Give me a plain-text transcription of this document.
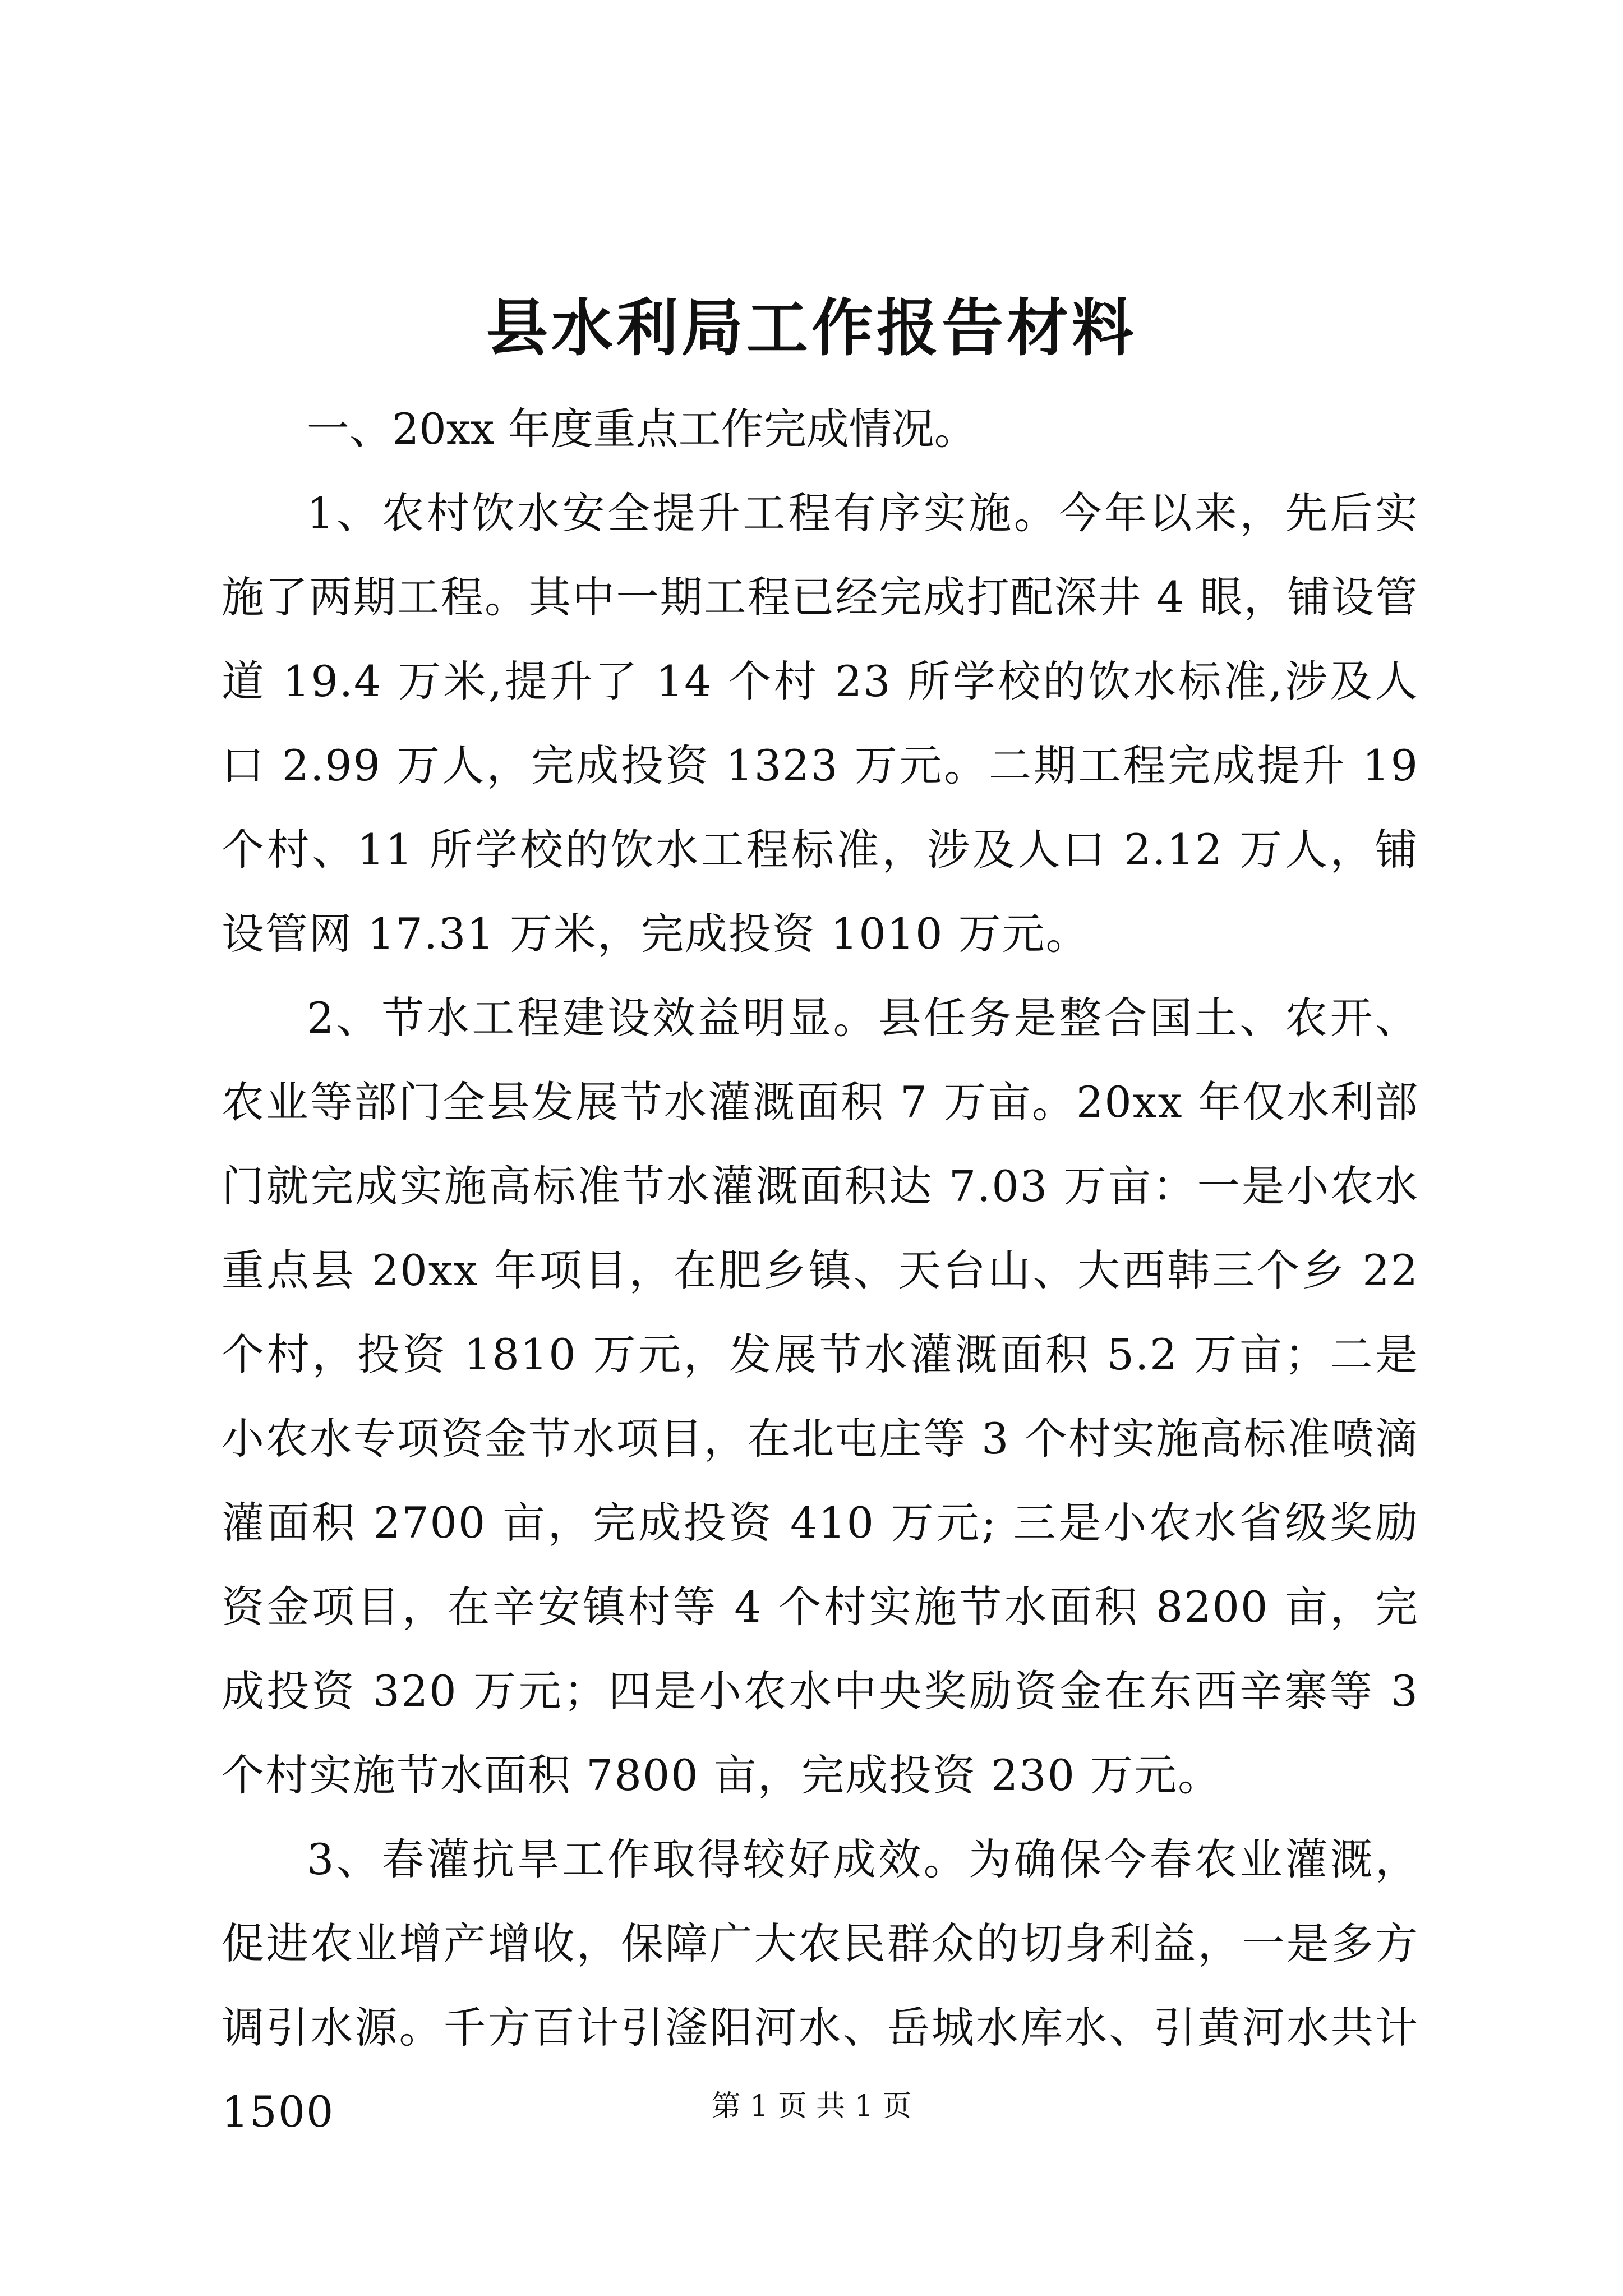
县水利局工作报告材料

一、20xx 年度重点工作完成情况。

1、农村饮水安全提升工程有序实施。今年以来，先后实施了两期工程。其中一期工程已经完成打配深井 4 眼，铺设管道 19.4 万米,提升了 14 个村 23 所学校的饮水标准,涉及人口 2.99 万人，完成投资 1323 万元。二期工程完成提升 19 个村、11 所学校的饮水工程标准，涉及人口 2.12 万人，铺设管网 17.31 万米，完成投资 1010 万元。

2、节水工程建设效益明显。县任务是整合国土、农开、农业等部门全县发展节水灌溉面积 7 万亩。20xx 年仅水利部门就完成实施高标准节水灌溉面积达 7.03 万亩：一是小农水重点县 20xx 年项目，在肥乡镇、天台山、大西韩三个乡 22 个村，投资 1810 万元，发展节水灌溉面积 5.2 万亩；二是小农水专项资金节水项目，在北屯庄等 3 个村实施高标准喷滴灌面积 2700 亩，完成投资 410 万元; 三是小农水省级奖励资金项目，在辛安镇村等 4 个村实施节水面积 8200 亩，完成投资 320 万元；四是小农水中央奖励资金在东西辛寨等 3 个村实施节水面积 7800 亩，完成投资 230 万元。

3、春灌抗旱工作取得较好成效。为确保今春农业灌溉，促进农业增产增收，保障广大农民群众的切身利益，一是多方调引水源。千方百计引滏阳河水、岳城水库水、引黄河水共计 1500	第 1 页 共 1 页
